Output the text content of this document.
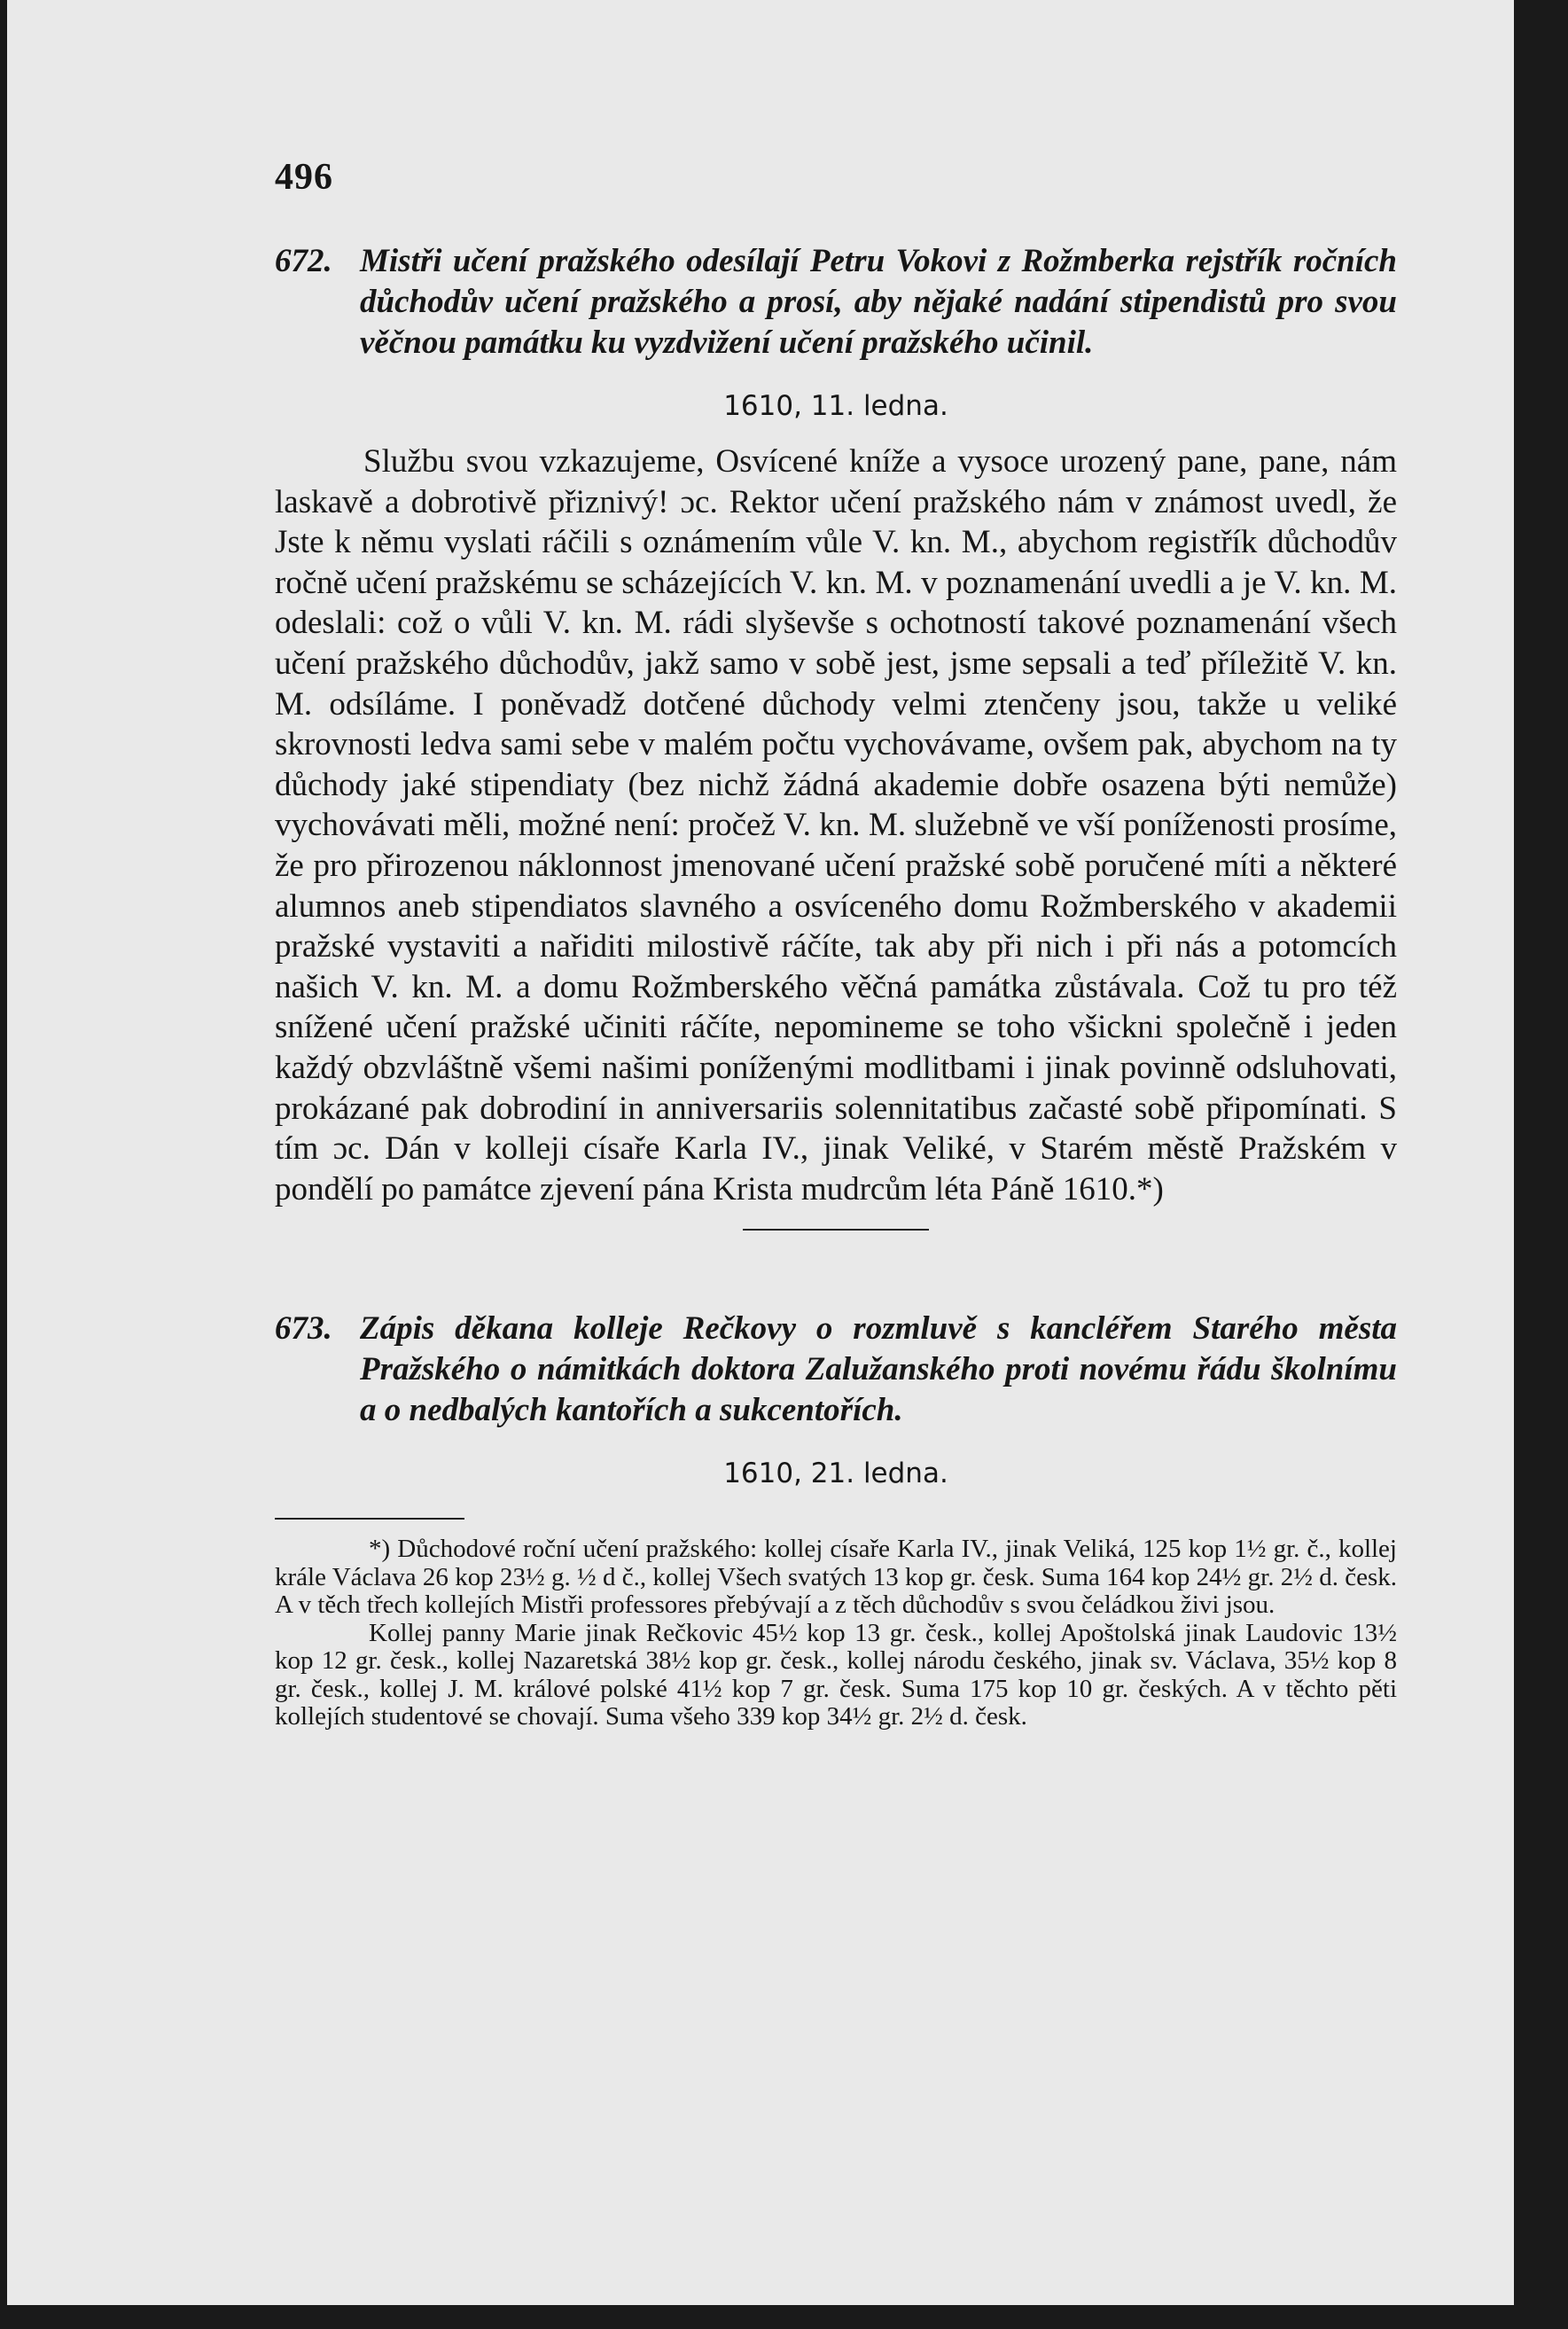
496
672. Mistři učení pražského odesílají Petru Vokovi z Rožmberka rejstřík ročních důchodův učení pražského a prosí, aby nějaké nadání stipendistů pro svou věčnou památku ku vyzdvižení učení pražského učinil.
1610, 11. ledna.
Službu svou vzkazujeme, Osvícené kníže a vysoce urozený pane, pane, nám laskavě a dobrotivě přiznivý! ɔc. Rektor učení pražského nám v známost uvedl, že Jste k němu vyslati ráčili s oznámením vůle V. kn. M., abychom registřík důchodův ročně učení pražskému se scházejících V. kn. M. v poznamenání uvedli a je V. kn. M. odeslali: což o vůli V. kn. M. rádi slyševše s ochotností takové poznamenání všech učení pražského důchodův, jakž samo v sobě jest, jsme sepsali a teď příležitě V. kn. M. odsíláme. I poněvadž dotčené důchody velmi ztenčeny jsou, takže u veliké skrovnosti ledva sami sebe v malém počtu vychovávame, ovšem pak, abychom na ty důchody jaké stipendiaty (bez nichž žádná akademie dobře osazena býti nemůže) vychovávati měli, možné není: pročež V. kn. M. služebně ve vší poníženosti prosíme, že pro přirozenou náklonnost jmenované učení pražské sobě poručené míti a některé alumnos aneb stipendiatos slavného a osvíceného domu Rožmberského v akademii pražské vystaviti a nařiditi milostivě ráčíte, tak aby při nich i při nás a potomcích našich V. kn. M. a domu Rožmberského věčná památka zůstávala. Což tu pro též snížené učení pražské učiniti ráčíte, nepomineme se toho všickni společně i jeden každý obzvláštně všemi našimi poníženými modlitbami i jinak povinně odsluhovati, prokázané pak dobrodiní in anniversariis solennitatibus začasté sobě připomínati. S tím ɔc. Dán v kolleji císaře Karla IV., jinak Veliké, v Starém městě Pražském v pondělí po památce zjevení pána Krista mudrcům léta Páně 1610.*)
673. Zápis děkana kolleje Rečkovy o rozmluvě s kancléřem Starého města Pražského o námitkách doktora Zalužanského proti novému řádu školnímu a o nedbalých kantořích a sukcentořích.
1610, 21. ledna.

*) Důchodové roční učení pražského: kollej císaře Karla IV., jinak Veliká, 125 kop 1½ gr. č., kollej krále Václava 26 kop 23½ g. ½ d č., kollej Všech svatých 13 kop gr. česk. Suma 164 kop 24½ gr. 2½ d. česk. A v těch třech kollejích Mistři professores přebývají a z těch důchodův s svou čeládkou živi jsou.

Kollej panny Marie jinak Rečkovic 45½ kop 13 gr. česk., kollej Apoštolská jinak Laudovic 13½ kop 12 gr. česk., kollej Nazaretská 38½ kop gr. česk., kollej národu českého, jinak sv. Václava, 35½ kop 8 gr. česk., kollej J. M. králové polské 41½ kop 7 gr. česk. Suma 175 kop 10 gr. českých. A v těchto pěti kollejích studentové se chovají. Suma všeho 339 kop 34½ gr. 2½ d. česk.
